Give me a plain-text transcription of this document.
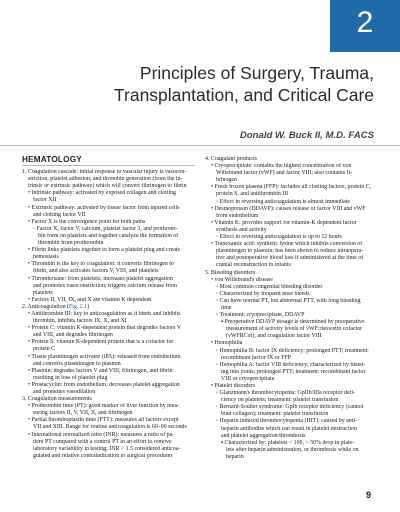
2
Principles of Surgery, Trauma,
Transplantation, and Critical Care
Donald W. Buck II, M.D. FACS
HEMATOLOGY
1. Coagulation cascade: initial response to vascular injury is vasocon-
striction, platelet adhesion, and thrombin generation (from the in-
trinsic or extrinsic pathway) which will convert fibrinogen to fibrin
• Intrinsic pathway: activated by exposed collagen and clotting
factor XII
• Extrinsic pathway: activated by tissue factor from injured cells
and clotting factor VII
• Factor X is the convergence point for both paths
◦ Factor X, factor V, calcium, platelet factor 3, and prothrom-
bin form on platelets and together catalyze the formation of
thrombin from prothrombin
• Fibrin links platelets together to form a platelet plug and create
hemostasis
• Thrombin is the key to coagulation: it converts fibrinogen to
fibrin, and also activates factors V, VIII, and platelets
• Thromboxane: from platelets; increases platelet aggregation
and promotes vasoconstriction; triggers calcium release from
platelets
• Factors II, VII, IX, and X are vitamin K dependent
2. Anticoagulation (Fig. 2.1)
• Antithrombin III: key to anticoagulation as it binds and inhibits
thrombin, inhibits factors IX, X, and XI
• Protein C: vitamin K-dependent protein that degrades factors V
and VIII, and degrades fibrinogen
• Protein S: vitamin K-dependent protein that is a cofactor for
protein C
• Tissue plasminogen activator (tPA): released from endothelium
and converts plasminogen to plasmin
• Plasmin: degrades factors V and VIII, fibrinogen, and fibrin
resulting in loss of platelet plug
• Prostacyclin: from endothelium, decreases platelet aggregation
and promotes vasodilation
3. Coagulation measurements
• Prothrombin time (PT): good marker of liver function by mea-
suring factors II, V, VII, X, and fibrinogen
• Partial thromboplastin time (PTT): measures all factors except
VII and XIII. Range for routine anticoagulation is 60–90 seconds
• International normalized ratio (INR): measures a ratio of pa-
tient PT compared with a control PT in an effort to remove
laboratory variability in testing; INR > 1.5 considered anticoa-
gulated and relative contraindication to surgical procedures
4. Coagulant products
• Cryoprecipitate: contains the highest concentration of von
Willebrand factor (vWF) and factor VIII; also contains fi-
brinogen
• Fresh frozen plasma (FFP): includes all clotting factors, protein C,
protein S, and antithrombin III
◦ Effect in reversing anticoagulation is almost immediate
• Desmopressin (DDAVP): causes release of factor VIII and vWF
from endothelium
• Vitamin K: provides support for vitamin-K dependent factor
synthesis and activity
◦ Effect in reversing anticoagulation is up to 12 hours
• Tranexamic acid: synthetic lysine which inhibits conversion of
plasminogen to plasmin; has been shown to reduce intraopera-
tive and postoperative blood loss if administered at the time of
cranial reconstruction in infants
5. Bleeding disorders
• von Willebrand's disease
◦ Most common congenital bleeding disorder
◦ Characterized by frequent nose bleeds
◦ Can have normal PT, but abnormal PTT, with long bleeding
time
◦ Treatment: cryoprecipitate, DDAVP
▪ Preoperative DDAVP dosage is determined by preoperative
measurement of activity levels of vWF:ristocetin cofactor
(vWFRCof), and coagulation factor VIII
• Hemophilia
◦ Hemophilia B: factor IX deficiency; prolonged PTT; treatment:
recombinant factor IX or FFP
◦ Hemophilia A: factor VIII deficiency; characterized by bleed-
ing into joints; prolonged PTT; treatment: recombinant factor
VIII or cryoprecipitate
• Platelet disorders
◦ Glanzmann's thrombocytopenia: GpIIb/IIIa receptor defi-
ciency on platelets; treatment: platelet transfusion
◦ Bernard-Soulier syndrome: GpIb receptor deficiency (cannot
bind collagen); treatment: platelet transfusion
◦ Heparin induced thrombocytopenia (HIT): caused by anti-
heparin antibodies which can result in platelet destruction
and platelet aggregation/thrombosis
▪ Characterized by: platelets < 100, > 50% drop in plate-
lets after heparin administration, or thrombosis while on
heparin
9
